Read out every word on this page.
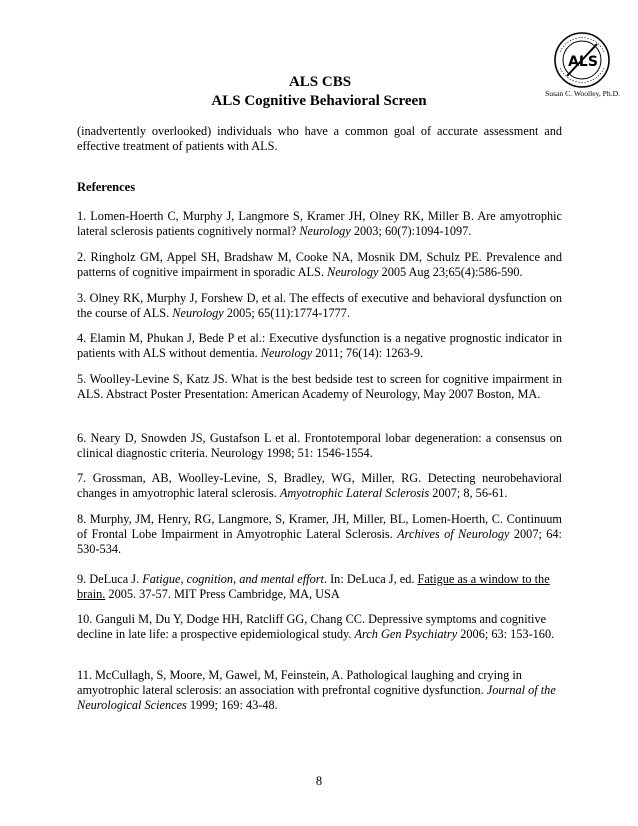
ALS
Susan C. Woolley, Ph.D.
ALS CBS
ALS Cognitive Behavioral Screen

(inadvertently overlooked) individuals who have a common goal of accurate assessment and effective treatment of patients with ALS.

References

1. Lomen-Hoerth C, Murphy J, Langmore S, Kramer JH, Olney RK, Miller B. Are amyotrophic lateral sclerosis patients cognitively normal? Neurology 2003; 60(7):1094-1097.

2. Ringholz GM, Appel SH, Bradshaw M, Cooke NA, Mosnik DM, Schulz PE. Prevalence and patterns of cognitive impairment in sporadic ALS. Neurology 2005 Aug 23;65(4):586-590.

3. Olney RK, Murphy J, Forshew D, et al. The effects of executive and behavioral dysfunction on the course of ALS. Neurology 2005; 65(11):1774-1777.

4. Elamin M, Phukan J, Bede P et al.: Executive dysfunction is a negative prognostic indicator in patients with ALS without dementia. Neurology 2011; 76(14): 1263-9.

5. Woolley-Levine S, Katz JS. What is the best bedside test to screen for cognitive impairment in ALS. Abstract Poster Presentation: American Academy of Neurology, May 2007 Boston, MA.

6. Neary D, Snowden JS, Gustafson L et al. Frontotemporal lobar degeneration: a consensus on clinical diagnostic criteria. Neurology 1998; 51: 1546-1554.

7. Grossman, AB, Woolley-Levine, S, Bradley, WG, Miller, RG. Detecting neurobehavioral changes in amyotrophic lateral sclerosis. Amyotrophic Lateral Sclerosis 2007; 8, 56-61.

8. Murphy, JM, Henry, RG, Langmore, S, Kramer, JH, Miller, BL, Lomen-Hoerth, C. Continuum of Frontal Lobe Impairment in Amyotrophic Lateral Sclerosis. Archives of Neurology 2007; 64: 530-534.

9. DeLuca J. Fatigue, cognition, and mental effort. In: DeLuca J, ed. Fatigue as a window to the brain. 2005. 37-57. MIT Press Cambridge, MA, USA

10. Ganguli M, Du Y, Dodge HH, Ratcliff GG, Chang CC. Depressive symptoms and cognitive decline in late life: a prospective epidemiological study. Arch Gen Psychiatry 2006; 63: 153-160.

11. McCullagh, S, Moore, M, Gawel, M, Feinstein, A. Pathological laughing and crying in amyotrophic lateral sclerosis: an association with prefrontal cognitive dysfunction. Journal of the Neurological Sciences 1999; 169: 43-48.

8
